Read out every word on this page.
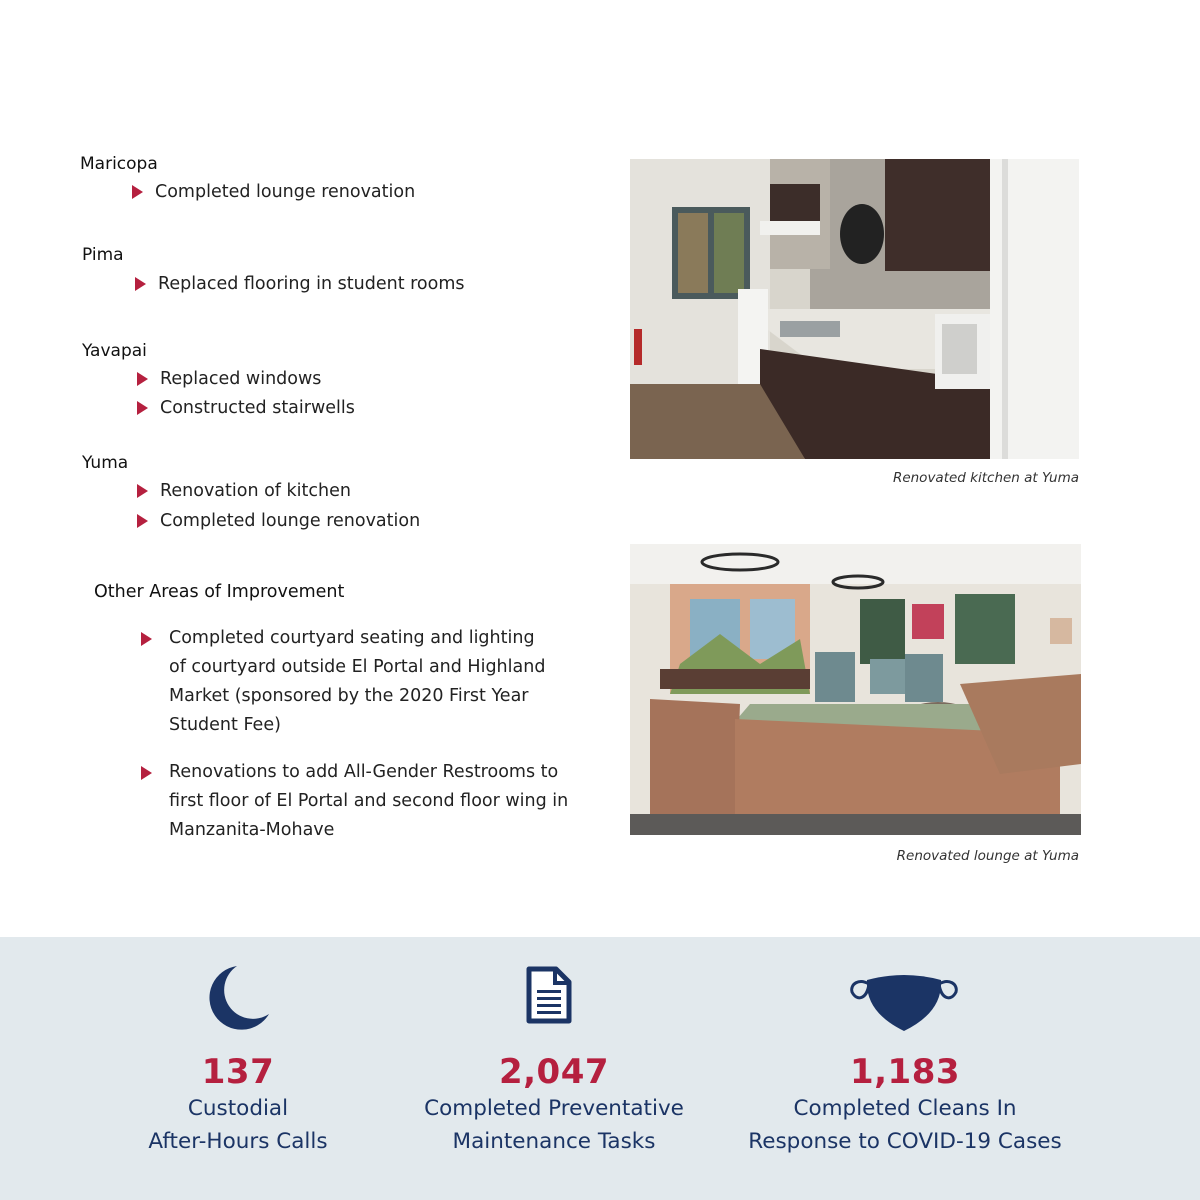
Maricopa
Completed lounge renovation
Pima
Replaced flooring in student rooms
Yavapai
Replaced windows
Constructed stairwells
Yuma
Renovation of kitchen
Completed lounge renovation
Other Areas of Improvement
Completed courtyard seating and lighting
of courtyard outside El Portal and Highland
Market (sponsored by the 2020 First Year
Student Fee)
Renovations to add All-Gender Restrooms to
first floor of El Portal and second floor wing in
Manzanita-Mohave
Renovated kitchen at Yuma
Renovated lounge at Yuma
137
Custodial
After-Hours Calls
2,047
Completed Preventative
Maintenance Tasks
1,183
Completed Cleans In
Response to COVID-19 Cases
